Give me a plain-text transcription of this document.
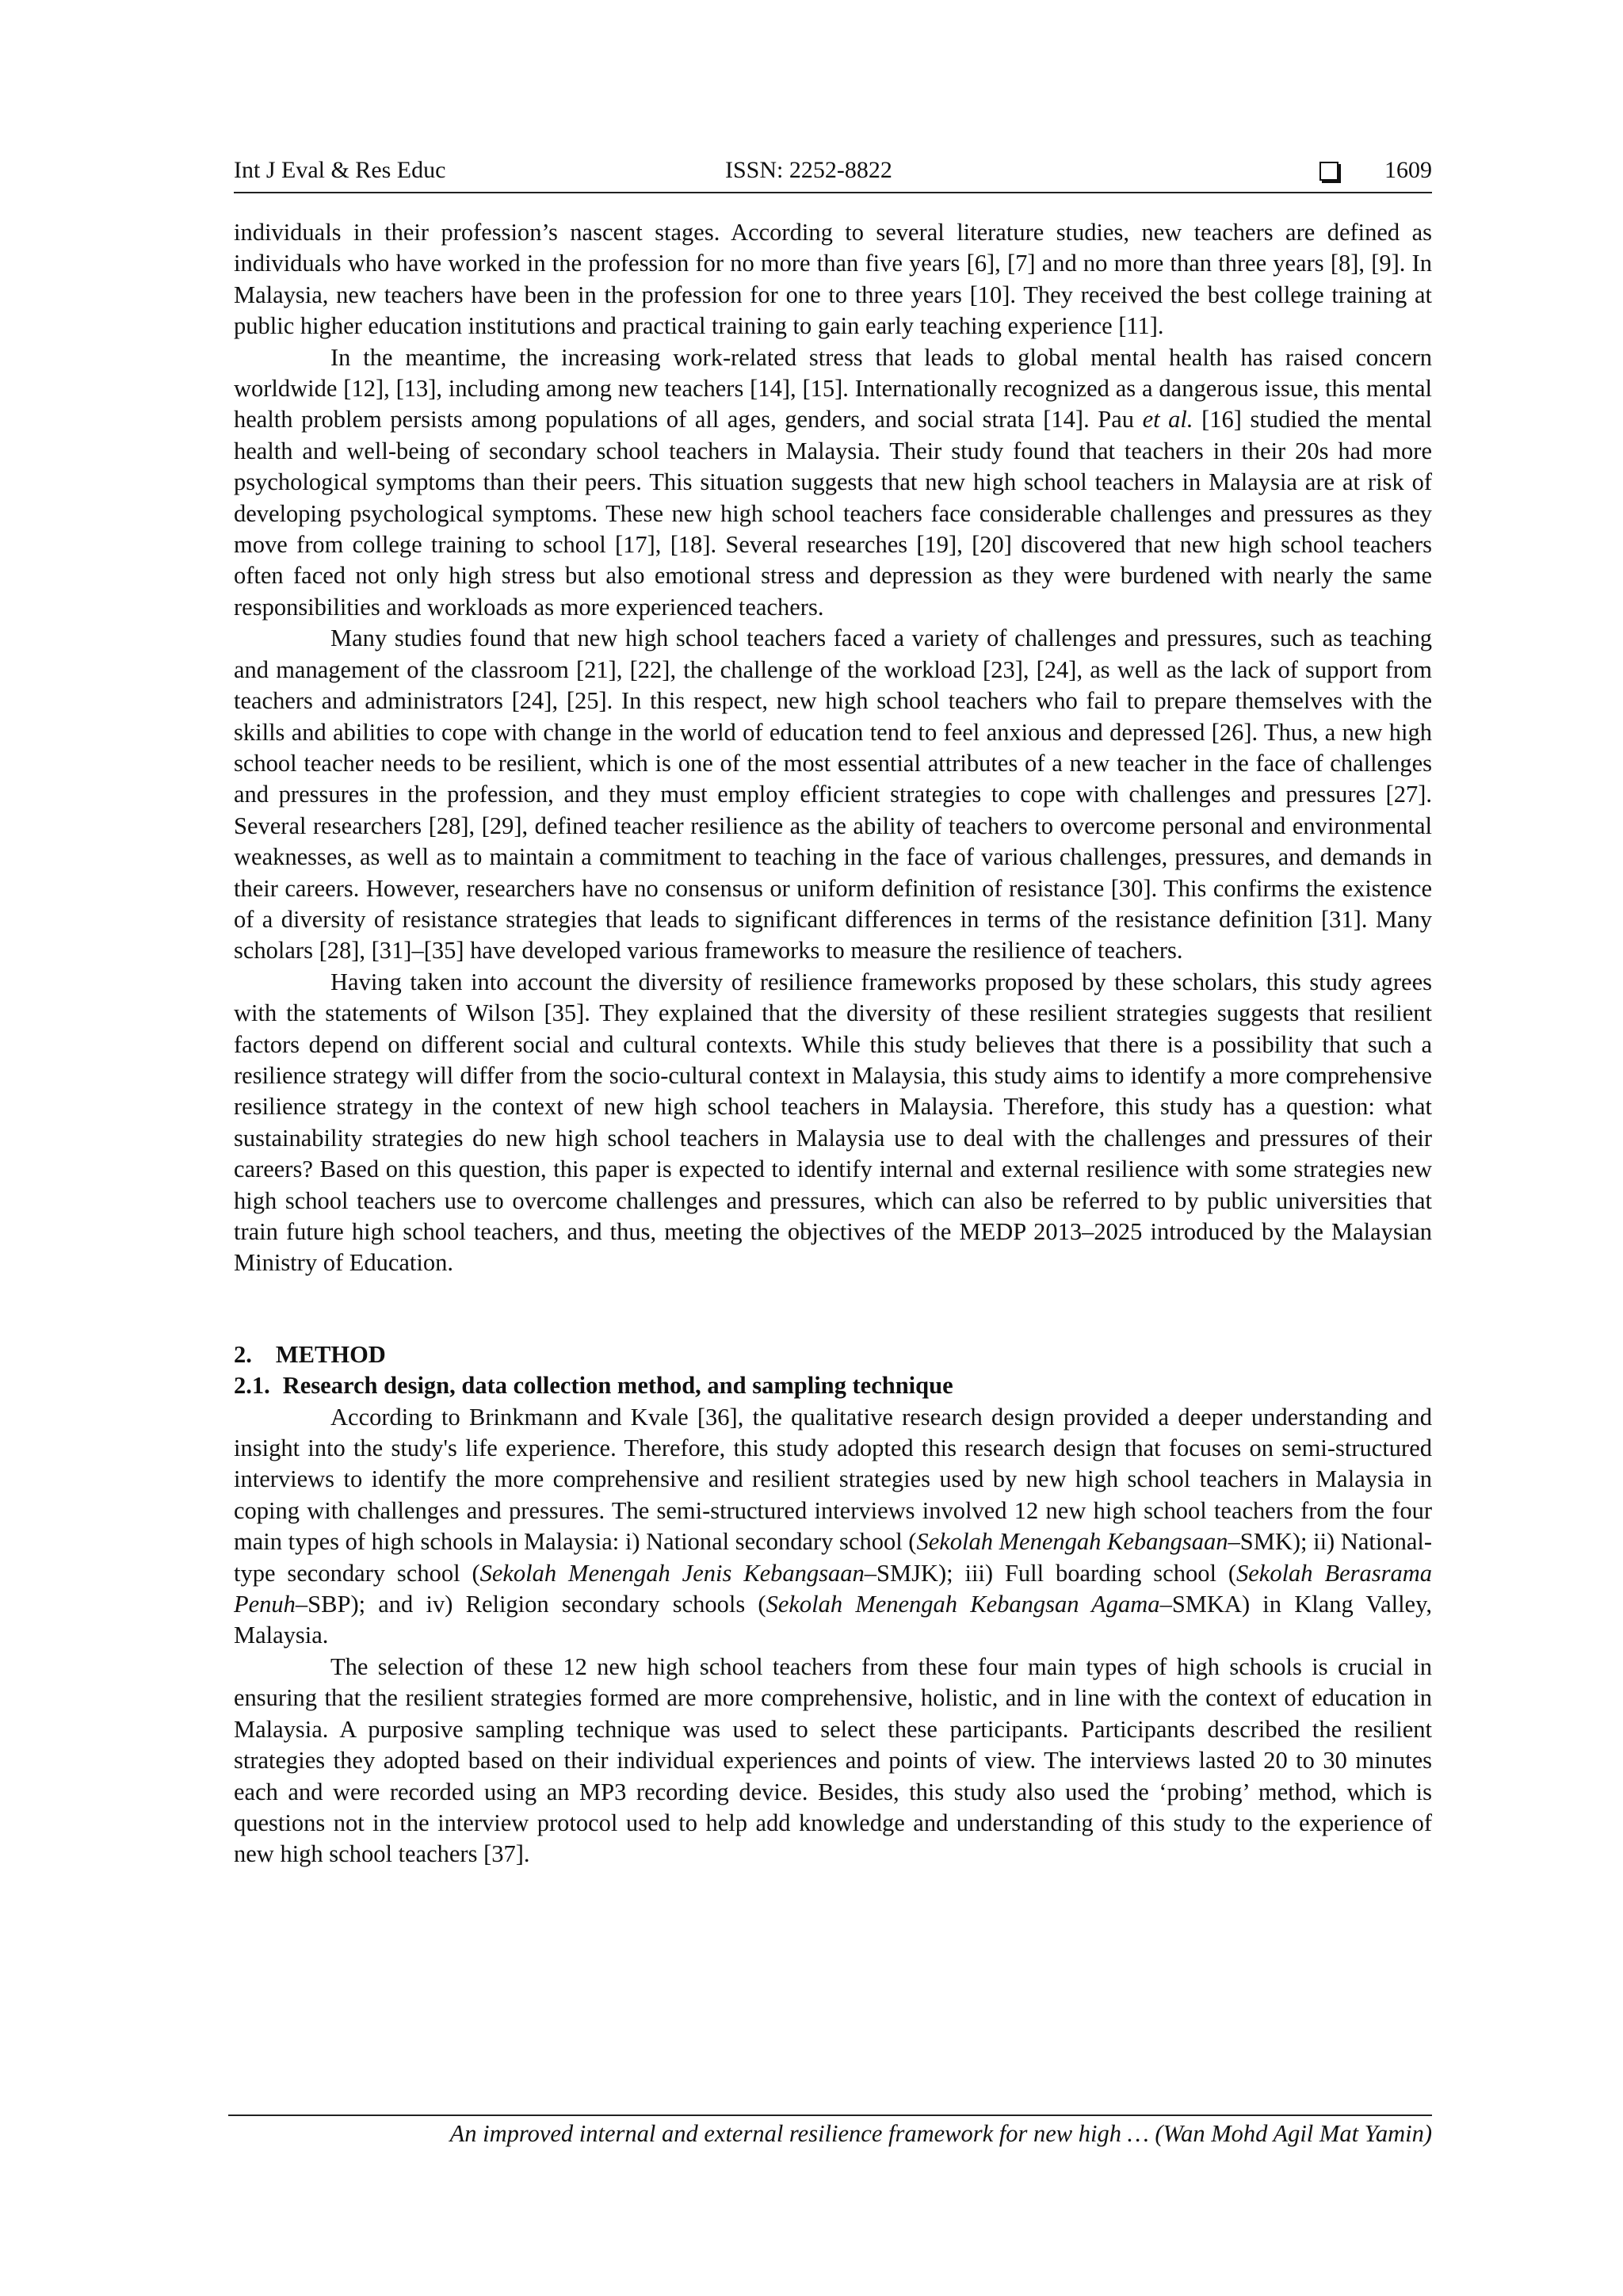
Int J Eval & Res Educ	ISSN: 2252-8822	1609

individuals in their profession’s nascent stages. According to several literature studies, new teachers are defined as individuals who have worked in the profession for no more than five years [6], [7] and no more than three years [8], [9]. In Malaysia, new teachers have been in the profession for one to three years [10]. They received the best college training at public higher education institutions and practical training to gain early teaching experience [11].

In the meantime, the increasing work-related stress that leads to global mental health has raised concern worldwide [12], [13], including among new teachers [14], [15]. Internationally recognized as a dangerous issue, this mental health problem persists among populations of all ages, genders, and social strata [14]. Pau et al. [16] studied the mental health and well-being of secondary school teachers in Malaysia. Their study found that teachers in their 20s had more psychological symptoms than their peers. This situation suggests that new high school teachers in Malaysia are at risk of developing psychological symptoms. These new high school teachers face considerable challenges and pressures as they move from college training to school [17], [18]. Several researches [19], [20] discovered that new high school teachers often faced not only high stress but also emotional stress and depression as they were burdened with nearly the same responsibilities and workloads as more experienced teachers.

Many studies found that new high school teachers faced a variety of challenges and pressures, such as teaching and management of the classroom [21], [22], the challenge of the workload [23], [24], as well as the lack of support from teachers and administrators [24], [25]. In this respect, new high school teachers who fail to prepare themselves with the skills and abilities to cope with change in the world of education tend to feel anxious and depressed [26]. Thus, a new high school teacher needs to be resilient, which is one of the most essential attributes of a new teacher in the face of challenges and pressures in the profession, and they must employ efficient strategies to cope with challenges and pressures [27]. Several researchers [28], [29], defined teacher resilience as the ability of teachers to overcome personal and environmental weaknesses, as well as to maintain a commitment to teaching in the face of various challenges, pressures, and demands in their careers. However, researchers have no consensus or uniform definition of resistance [30]. This confirms the existence of a diversity of resistance strategies that leads to significant differences in terms of the resistance definition [31]. Many scholars [28], [31]–[35] have developed various frameworks to measure the resilience of teachers.

Having taken into account the diversity of resilience frameworks proposed by these scholars, this study agrees with the statements of Wilson [35]. They explained that the diversity of these resilient strategies suggests that resilient factors depend on different social and cultural contexts. While this study believes that there is a possibility that such a resilience strategy will differ from the socio-cultural context in Malaysia, this study aims to identify a more comprehensive resilience strategy in the context of new high school teachers in Malaysia. Therefore, this study has a question: what sustainability strategies do new high school teachers in Malaysia use to deal with the challenges and pressures of their careers? Based on this question, this paper is expected to identify internal and external resilience with some strategies new high school teachers use to overcome challenges and pressures, which can also be referred to by public universities that train future high school teachers, and thus, meeting the objectives of the MEDP 2013–2025 introduced by the Malaysian Ministry of Education.

2. METHOD
2.1. Research design, data collection method, and sampling technique

According to Brinkmann and Kvale [36], the qualitative research design provided a deeper understanding and insight into the study's life experience. Therefore, this study adopted this research design that focuses on semi-structured interviews to identify the more comprehensive and resilient strategies used by new high school teachers in Malaysia in coping with challenges and pressures. The semi-structured interviews involved 12 new high school teachers from the four main types of high schools in Malaysia: i) National secondary school (Sekolah Menengah Kebangsaan–SMK); ii) National-type secondary school (Sekolah Menengah Jenis Kebangsaan–SMJK); iii) Full boarding school (Sekolah Berasrama Penuh–SBP); and iv) Religion secondary schools (Sekolah Menengah Kebangsan Agama–SMKA) in Klang Valley, Malaysia.

The selection of these 12 new high school teachers from these four main types of high schools is crucial in ensuring that the resilient strategies formed are more comprehensive, holistic, and in line with the context of education in Malaysia. A purposive sampling technique was used to select these participants. Participants described the resilient strategies they adopted based on their individual experiences and points of view. The interviews lasted 20 to 30 minutes each and were recorded using an MP3 recording device. Besides, this study also used the ‘probing’ method, which is questions not in the interview protocol used to help add knowledge and understanding of this study to the experience of new high school teachers [37].

An improved internal and external resilience framework for new high … (Wan Mohd Agil Mat Yamin)
